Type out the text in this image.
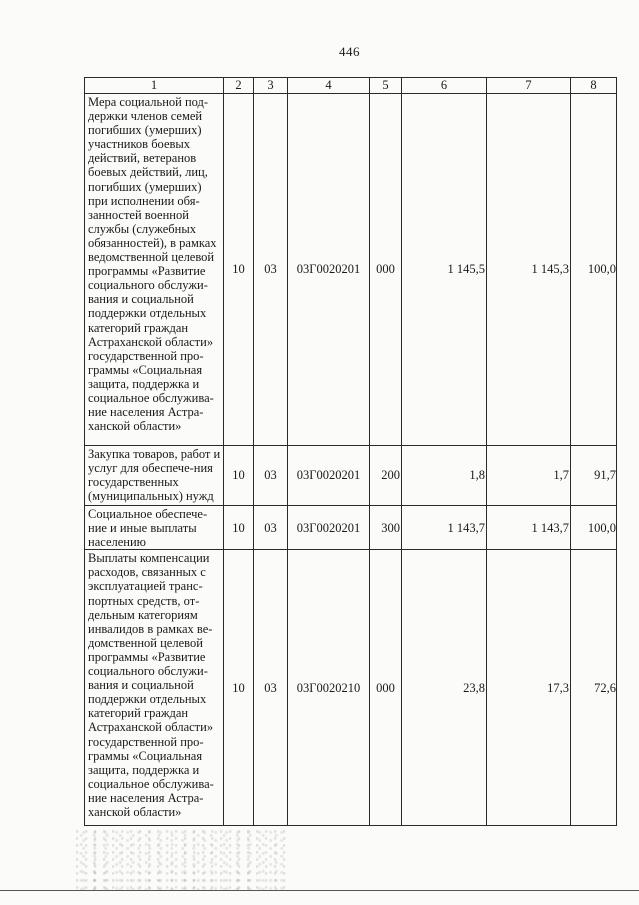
446
1	2	3	4	5	6	7	8
Мера социальной под-держки членов семей погибших (умерших) участников боевых действий, ветеранов боевых действий, лиц, погибших (умерших) при исполнении обя-занностей военной службы (служебных обязанностей), в рамках ведомственной целевой программы «Развитие социального обслужи-вания и социальной поддержки отдельных категорий граждан Астраханской области» государственной про-граммы «Социальная защита, поддержка и социальное обслужива-ние населения Астра-ханской области»	10	03	03Г0020201	000	1 145,5	1 145,3	100,0
Закупка товаров, работ и услуг для обеспече-ния государственных (муниципальных) нужд	10	03	03Г0020201	200	1,8	1,7	91,7
Социальное обеспече-ние и иные выплаты населению	10	03	03Г0020201	300	1 143,7	1 143,7	100,0
Выплаты компенсации расходов, связанных с эксплуатацией транс-портных средств, от-дельным категориям инвалидов в рамках ве-домственной целевой программы «Развитие социального обслужи-вания и социальной поддержки отдельных категорий граждан Астраханской области» государственной про-граммы «Социальная защита, поддержка и социальное обслужива-ние населения Астра-ханской области»	10	03	03Г0020210	000	23,8	17,3	72,6
